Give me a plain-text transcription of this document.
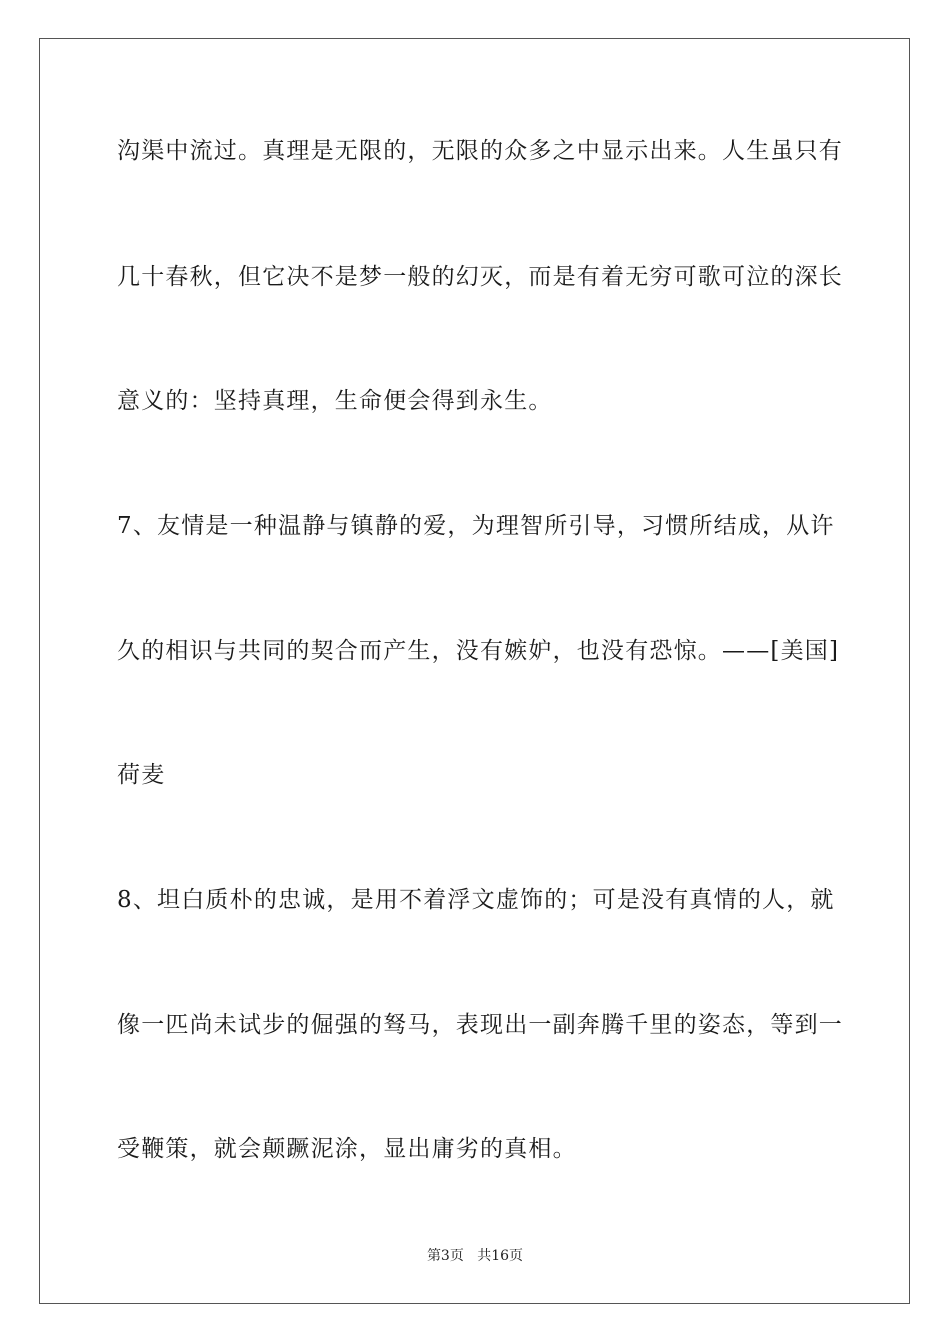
沟渠中流过。真理是无限的，无限的众多之中显示出来。人生虽只有
几十春秋，但它决不是梦一般的幻灭，而是有着无穷可歌可泣的深长
意义的：坚持真理，生命便会得到永生。
7、友情是一种温静与镇静的爱，为理智所引导，习惯所结成，从许
久的相识与共同的契合而产生，没有嫉妒，也没有恐惊。——[美国]
荷麦
8、坦白质朴的忠诚，是用不着浮文虚饰的；可是没有真情的人，就
像一匹尚未试步的倔强的驽马，表现出一副奔腾千里的姿态，等到一
受鞭策，就会颠蹶泥涂，显出庸劣的真相。
第3页 共16页
